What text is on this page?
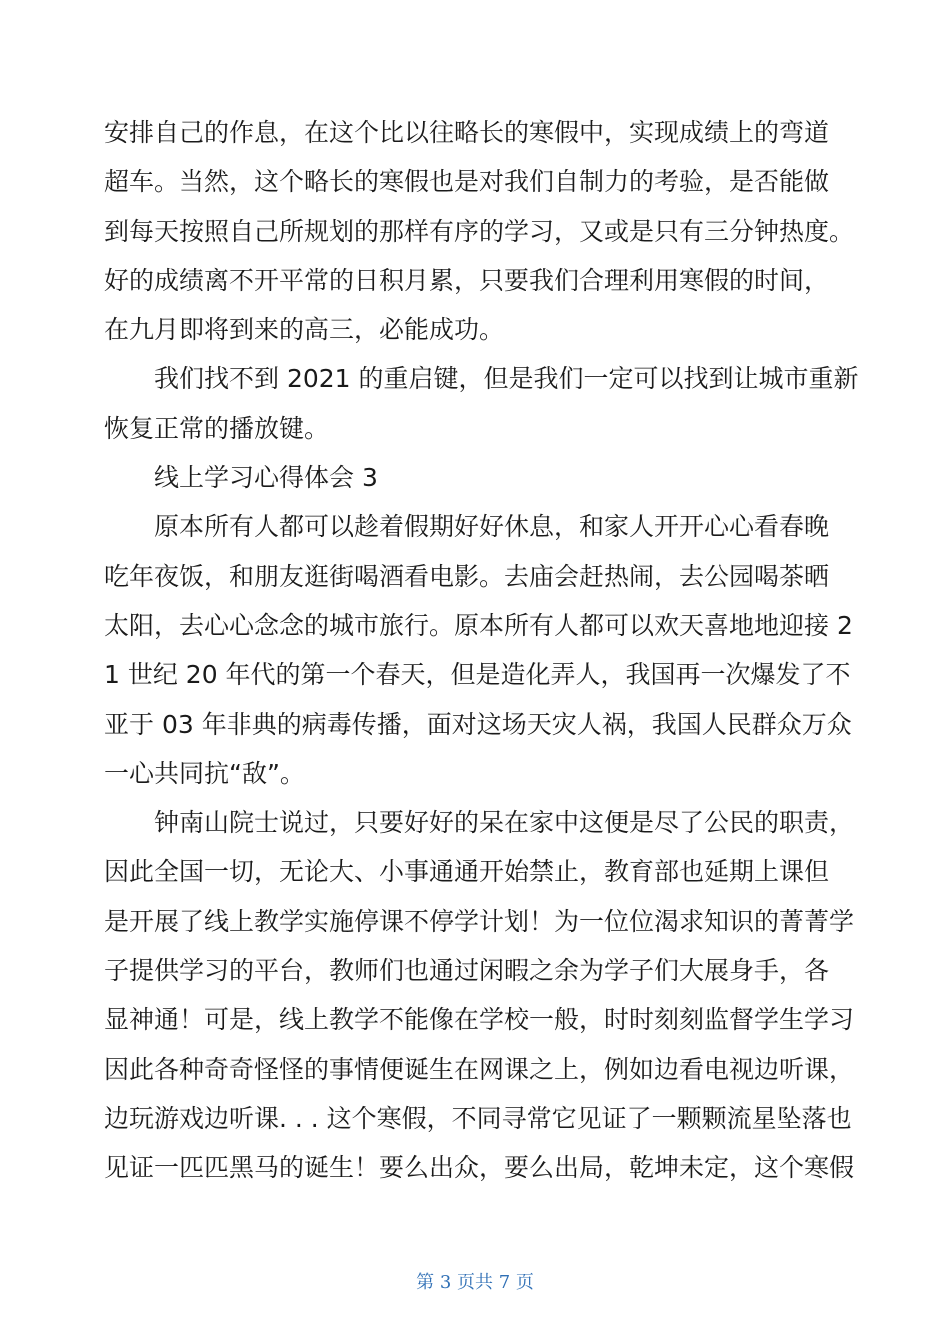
安排自己的作息，在这个比以往略长的寒假中，实现成绩上的弯道
超车。当然，这个略长的寒假也是对我们自制力的考验，是否能做
到每天按照自己所规划的那样有序的学习，又或是只有三分钟热度。
好的成绩离不开平常的日积月累，只要我们合理利用寒假的时间，
在九月即将到来的高三，必能成功。
　　我们找不到 2021 的重启键，但是我们一定可以找到让城市重新
恢复正常的播放键。
　　线上学习心得体会 3
　　原本所有人都可以趁着假期好好休息，和家人开开心心看春晚
吃年夜饭，和朋友逛街喝酒看电影。去庙会赶热闹，去公园喝茶晒
太阳，去心心念念的城市旅行。原本所有人都可以欢天喜地地迎接 2
1 世纪 20 年代的第一个春天，但是造化弄人，我国再一次爆发了不
亚于 03 年非典的病毒传播，面对这场天灾人祸，我国人民群众万众
一心共同抗“敌”。
　　钟南山院士说过，只要好好的呆在家中这便是尽了公民的职责，
因此全国一切，无论大、小事通通开始禁止，教育部也延期上课但
是开展了线上教学实施停课不停学计划！为一位位渴求知识的菁菁学
子提供学习的平台，教师们也通过闲暇之余为学子们大展身手，各
显神通！可是，线上教学不能像在学校一般，时时刻刻监督学生学习
因此各种奇奇怪怪的事情便诞生在网课之上，例如边看电视边听课，
边玩游戏边听课. . . 这个寒假，不同寻常它见证了一颗颗流星坠落也
见证一匹匹黑马的诞生！要么出众，要么出局，乾坤未定，这个寒假
第 3 页共 7 页
